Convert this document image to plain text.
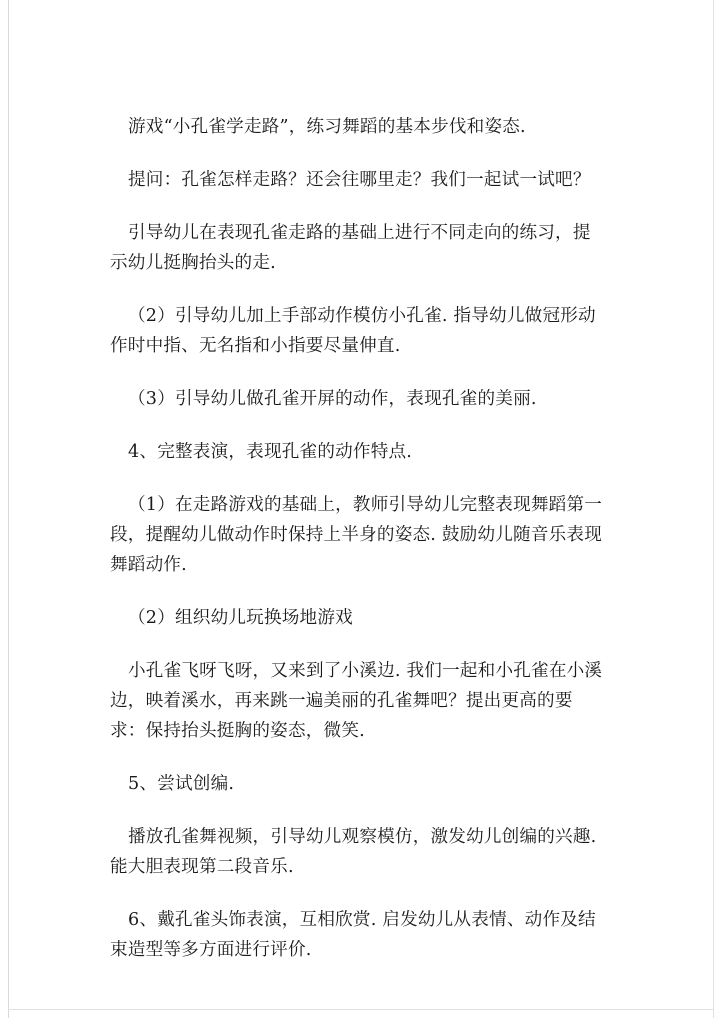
游戏“小孔雀学走路”，练习舞蹈的基本步伐和姿态.

提问：孔雀怎样走路？还会往哪里走？我们一起试一试吧？

引导幼儿在表现孔雀走路的基础上进行不同走向的练习，提示幼儿挺胸抬头的走.

（2）引导幼儿加上手部动作模仿小孔雀. 指导幼儿做冠形动作时中指、无名指和小指要尽量伸直.

（3）引导幼儿做孔雀开屏的动作，表现孔雀的美丽.

4、完整表演，表现孔雀的动作特点.

（1）在走路游戏的基础上，教师引导幼儿完整表现舞蹈第一段，提醒幼儿做动作时保持上半身的姿态. 鼓励幼儿随音乐表现舞蹈动作.

（2）组织幼儿玩换场地游戏

小孔雀飞呀飞呀，又来到了小溪边. 我们一起和小孔雀在小溪边，映着溪水，再来跳一遍美丽的孔雀舞吧？提出更高的要求：保持抬头挺胸的姿态，微笑.

5、尝试创编.

播放孔雀舞视频，引导幼儿观察模仿，激发幼儿创编的兴趣. 能大胆表现第二段音乐.

6、戴孔雀头饰表演，互相欣赏. 启发幼儿从表情、动作及结束造型等多方面进行评价.
